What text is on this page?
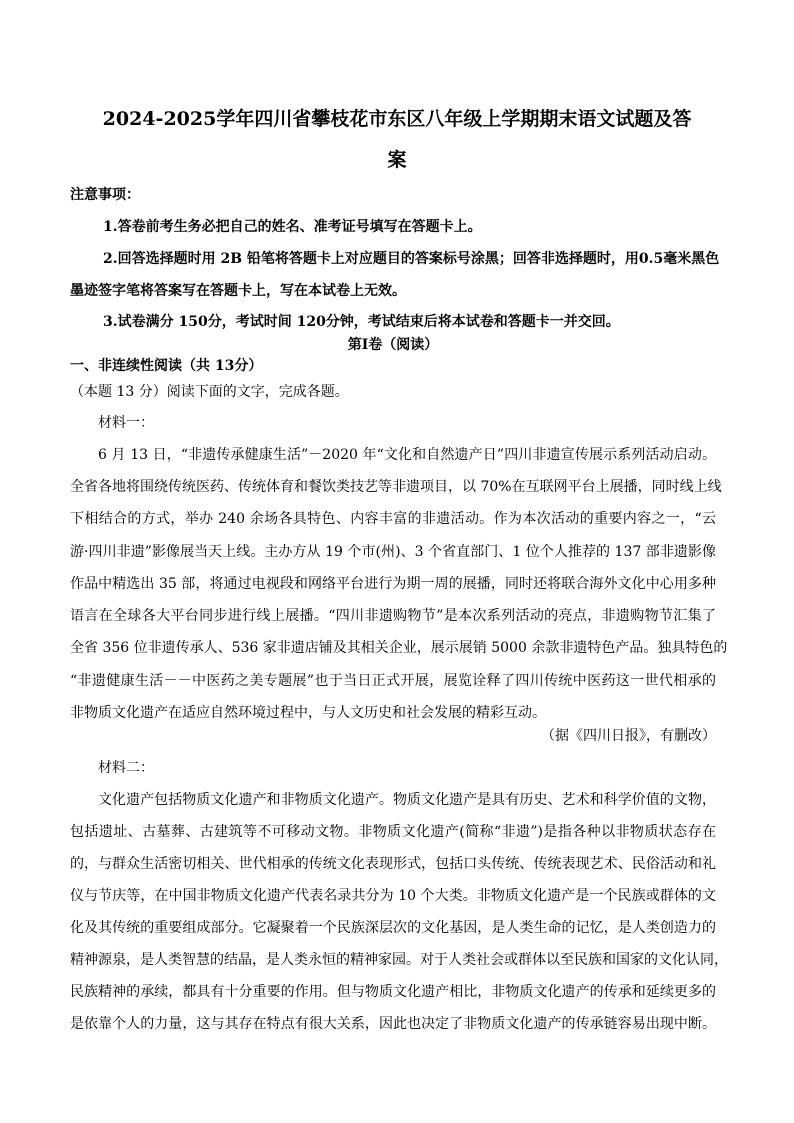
2024-2025学年四川省攀枝花市东区八年级上学期期末语文试题及答
案
注意事项：
1.答卷前考生务必把自己的姓名、准考证号填写在答题卡上。
2.回答选择题时用 2B 铅笔将答题卡上对应题目的答案标号涂黑；回答非选择题时，用0.5毫米黑色
墨迹签字笔将答案写在答题卡上，写在本试卷上无效。
3.试卷满分 150分，考试时间 120分钟，考试结束后将本试卷和答题卡一并交回。
第I卷（阅读）
一、非连续性阅读（共 13分）
（本题 13 分）阅读下面的文字，完成各题。
材料一：
6 月 13 日，“非遗传承健康生活”－2020 年“文化和自然遗产日”四川非遗宣传展示系列活动启动。
全省各地将围绕传统医药、传统体育和餐饮类技艺等非遗项目，以 70%在互联网平台上展播，同时线上线
下相结合的方式，举办 240 余场各具特色、内容丰富的非遗活动。作为本次活动的重要内容之一，“云
游·四川非遗”影像展当天上线。主办方从 19 个市(州)、3 个省直部门、1 位个人推荐的 137 部非遗影像
作品中精选出 35 部，将通过电视段和网络平台进行为期一周的展播，同时还将联合海外文化中心用多种
语言在全球各大平台同步进行线上展播。“四川非遗购物节”是本次系列活动的亮点，非遗购物节汇集了
全省 356 位非遗传承人、536 家非遗店铺及其相关企业，展示展销 5000 余款非遗特色产品。独具特色的
“非遗健康生活－－中医药之美专题展”也于当日正式开展，展览诠释了四川传统中医药这一世代相承的
非物质文化遗产在适应自然环境过程中，与人文历史和社会发展的精彩互动。
（据《四川日报》，有删改）
材料二：
文化遗产包括物质文化遗产和非物质文化遗产。物质文化遗产是具有历史、艺术和科学价值的文物，
包括遗址、古墓葬、古建筑等不可移动文物。非物质文化遗产(简称“非遗”)是指各种以非物质状态存在
的，与群众生活密切相关、世代相承的传统文化表现形式，包括口头传统、传统表现艺术、民俗活动和礼
仪与节庆等，在中国非物质文化遗产代表名录共分为 10 个大类。非物质文化遗产是一个民族或群体的文
化及其传统的重要组成部分。它凝聚着一个民族深层次的文化基因，是人类生命的记忆，是人类创造力的
精神源泉，是人类智慧的结晶，是人类永恒的精神家园。对于人类社会或群体以至民族和国家的文化认同，
民族精神的承续，都具有十分重要的作用。但与物质文化遗产相比，非物质文化遗产的传承和延续更多的
是依靠个人的力量，这与其存在特点有很大关系，因此也决定了非物质文化遗产的传承链容易出现中断。
